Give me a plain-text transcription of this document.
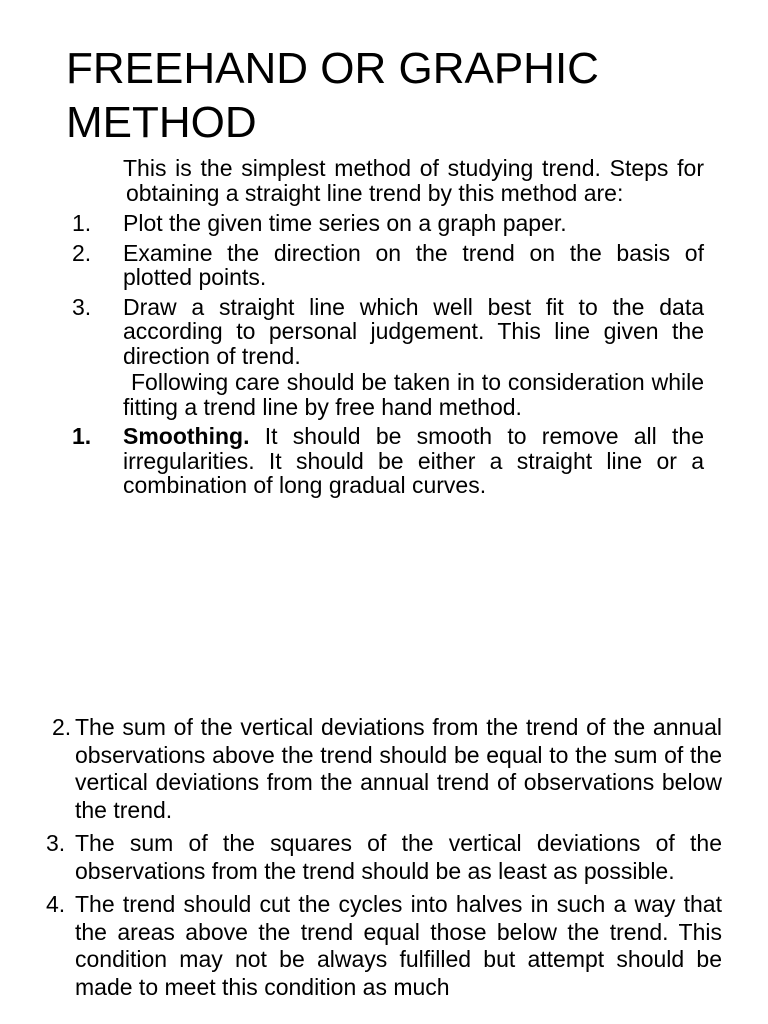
FREEHAND OR GRAPHIC METHOD
This is the simplest method of studying trend. Steps for obtaining a straight line trend by this method are:
1. Plot the given time series on a graph paper.
2. Examine the direction on the trend on the basis of plotted points.
3. Draw a straight line which well best fit to the data according to personal judgement. This line given the direction of trend.
Following care should be taken in to consideration while fitting a trend line by free hand method.
1. Smoothing. It should be smooth to remove all the irregularities. It should be either a straight line or a combination of long gradual curves.
2. The sum of the vertical deviations from the trend of the annual observations above the trend should be equal to the sum of the vertical deviations from the annual trend of observations below the trend.
3. The sum of the squares of the vertical deviations of the observations from the trend should be as least as possible.
4. The trend should cut the cycles into halves in such a way that the areas above the trend equal those below the trend. This condition may not be always fulfilled but attempt should be made to meet this condition as much
